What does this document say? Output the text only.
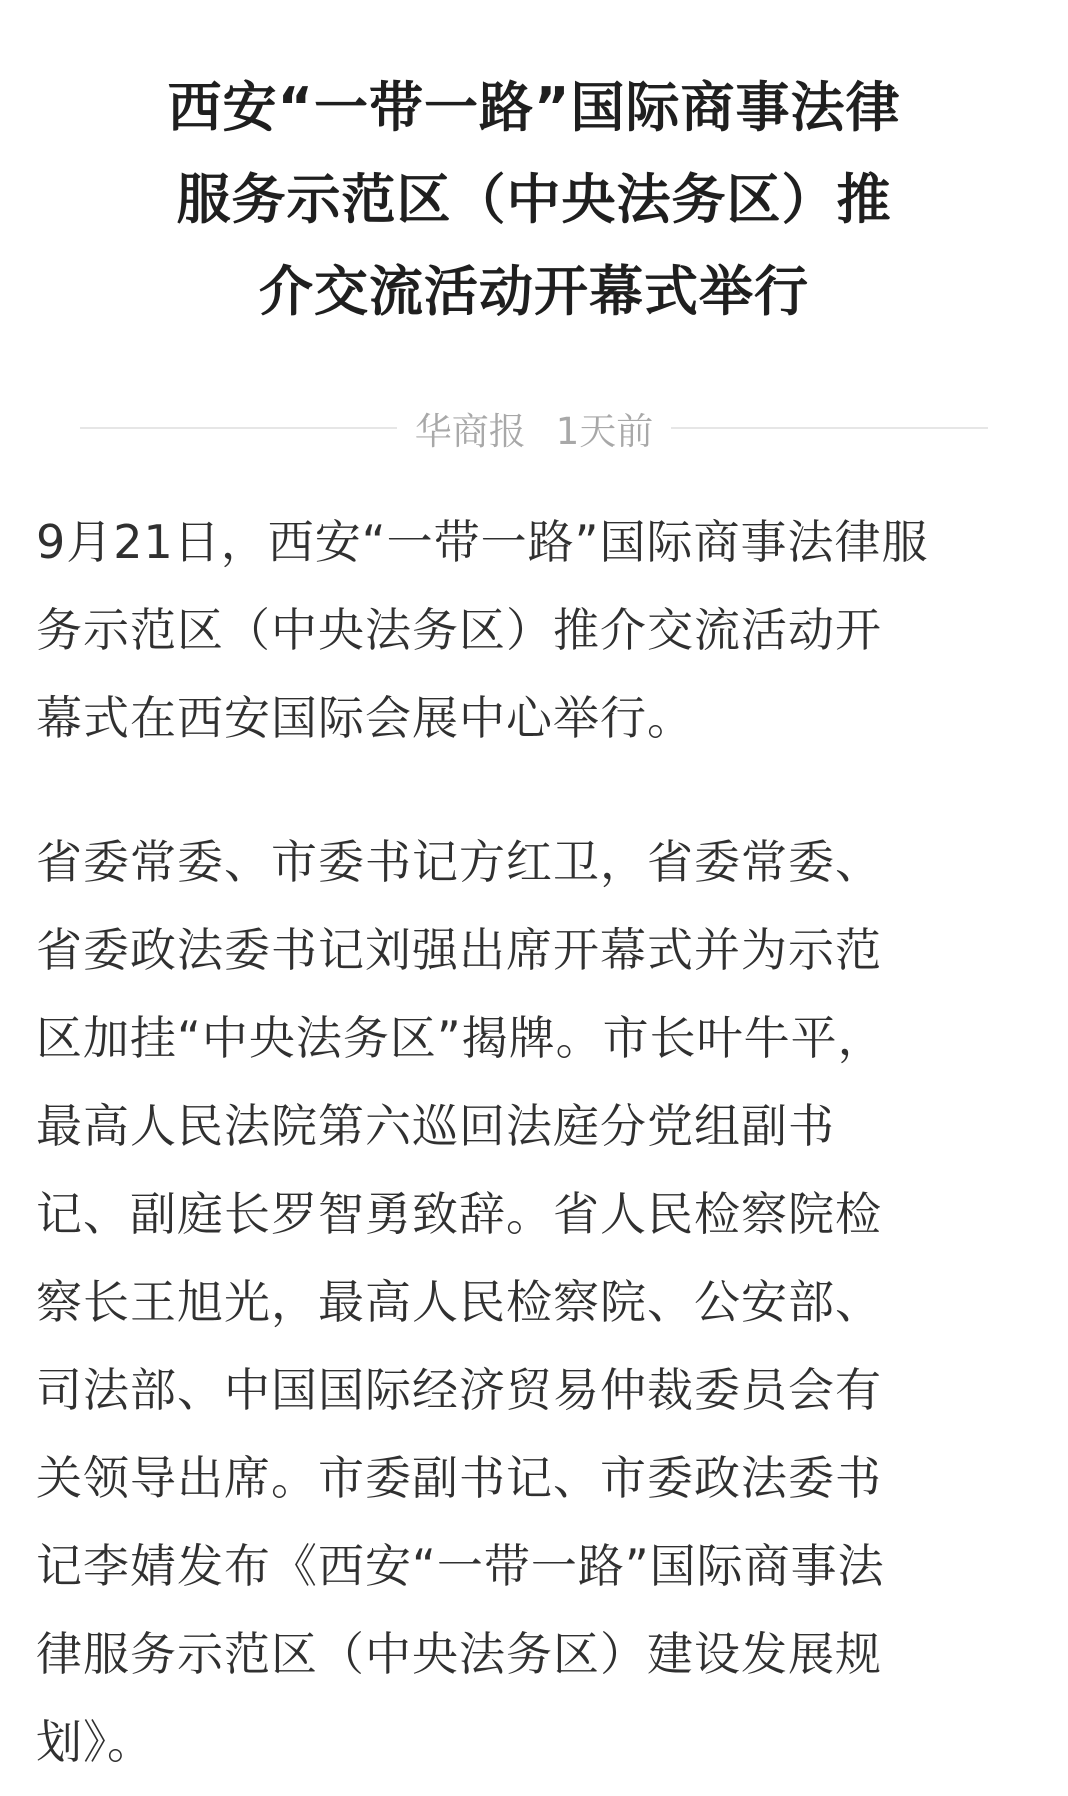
西安“一带一路”国际商事法律
服务示范区（中央法务区）推
介交流活动开幕式举行
华商报 1天前
9月21日，西安“一带一路”国际商事法律服
务示范区（中央法务区）推介交流活动开
幕式在西安国际会展中心举行。
省委常委、市委书记方红卫，省委常委、
省委政法委书记刘强出席开幕式并为示范
区加挂“中央法务区”揭牌。市长叶牛平，
最高人民法院第六巡回法庭分党组副书
记、副庭长罗智勇致辞。省人民检察院检
察长王旭光，最高人民检察院、公安部、
司法部、中国国际经济贸易仲裁委员会有
关领导出席。市委副书记、市委政法委书
记李婧发布《西安“一带一路”国际商事法
律服务示范区（中央法务区）建设发展规
划》。
